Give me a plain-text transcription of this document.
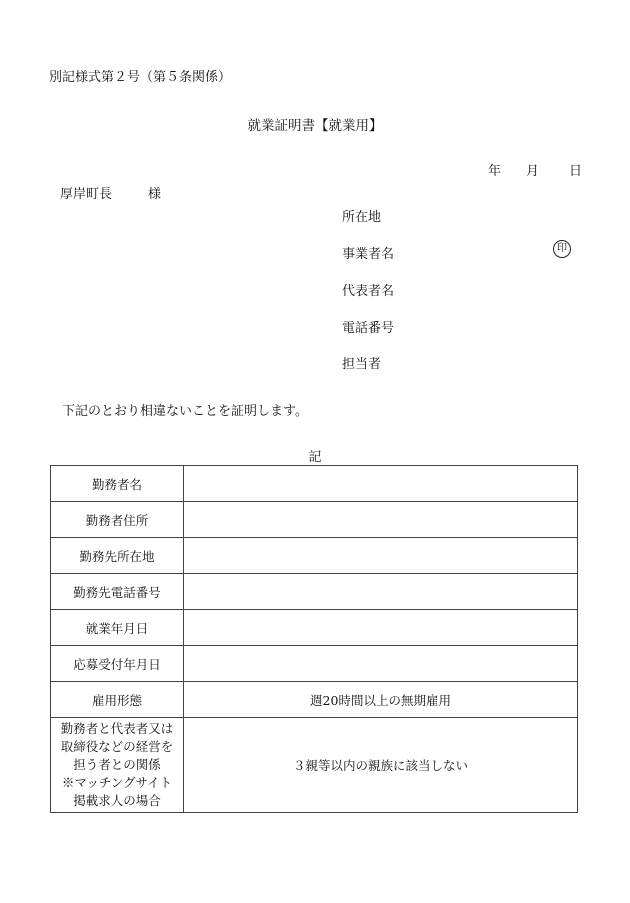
別記様式第２号（第５条関係）
就業証明書【就業用】
年 月 日
厚岸町長	様
所在地
事業者名	印
代表者名
電話番号
担当者
下記のとおり相違ないことを証明します。
記
勤務者名	
勤務者住所	
勤務先所在地	
勤務先電話番号	
就業年月日	
応募受付年月日	
雇用形態	週20時間以上の無期雇用

勤務者と代表者又は
取締役などの経営を
担う者との関係
※マッチングサイト
掲載求人の場合	３親等以内の親族に該当しない
